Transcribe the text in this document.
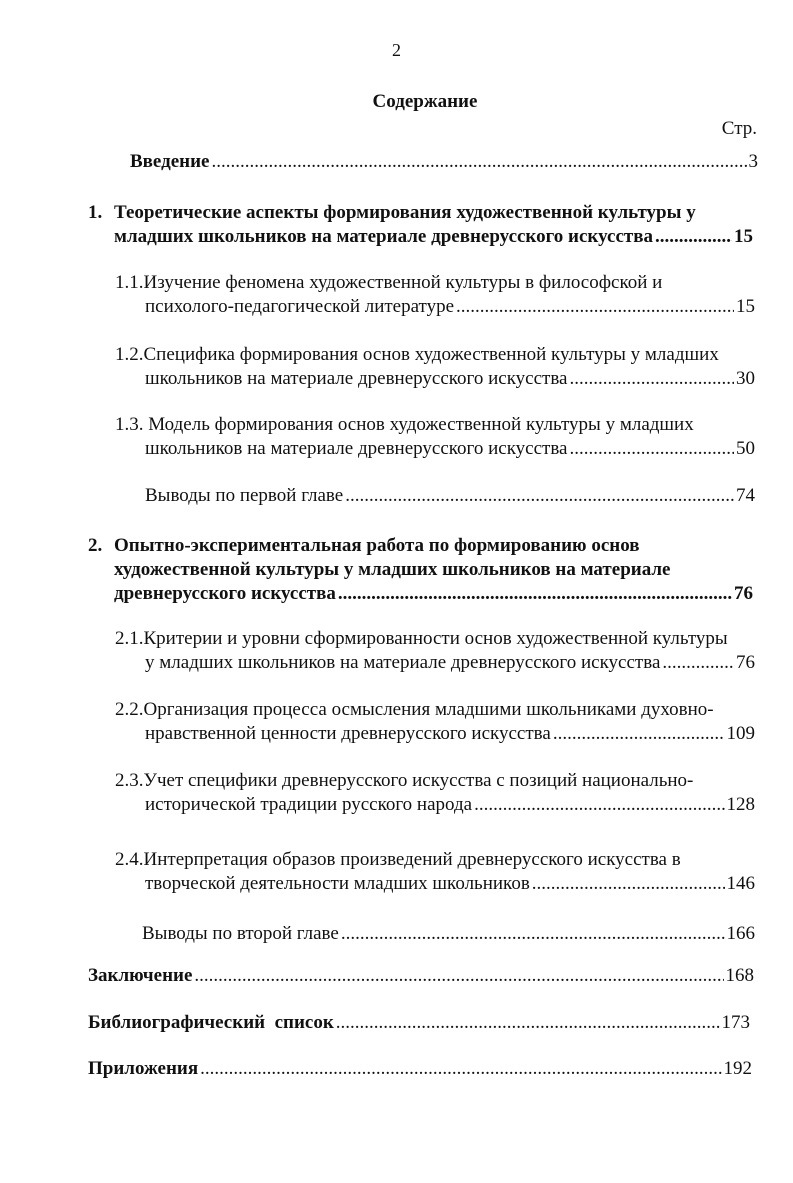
2
Содержание
Стр.
Введение .....	3
1. Теоретические аспекты формирования художественной культуры у
младших школьников на материале древнерусского искусства .....	15
1.1.Изучение феномена художественной культуры в философской и
психолого-педагогической литературе .....	15
1.2.Специфика формирования основ художественной культуры у младших
школьников на материале древнерусского искусства .....	30
1.3. Модель формирования основ художественной культуры у младших
школьников на материале древнерусского искусства .....	50
Выводы по первой главе .....	74
2. Опытно-экспериментальная работа по формированию основ
художественной культуры у младших школьников на материале
древнерусского искусства .....	76
2.1.Критерии и уровни сформированности основ художественной культуры
у младших школьников на материале древнерусского искусства .....	76
2.2.Организация процесса осмысления младшими школьниками духовно-
нравственной ценности древнерусского искусства .....	109
2.3.Учет специфики древнерусского искусства с позиций национально-
исторической традиции русского народа .....	128
2.4.Интерпретация образов произведений древнерусского искусства в
творческой деятельности младших школьников .....	146
Выводы по второй главе .....	166
Заключение .....	168
Библиографический  список .....	173
Приложения .....	192
